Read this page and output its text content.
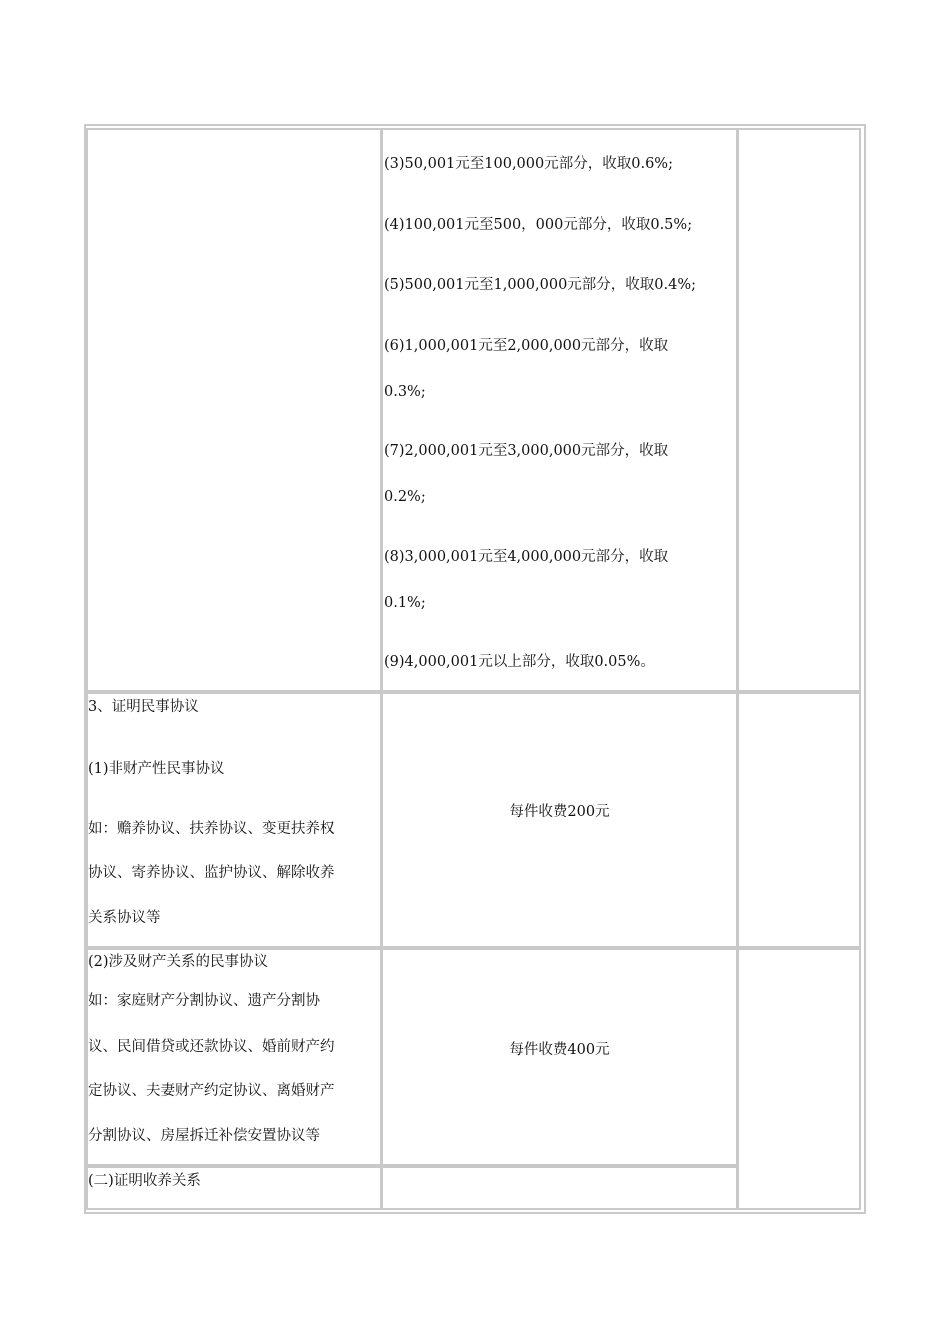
(3)50,001元至100,000元部分，收取0.6%;
(4)100,001元至500，000元部分，收取0.5%;
(5)500,001元至1,000,000元部分，收取0.4%;
(6)1,000,001元至2,000,000元部分，收取
0.3%;
(7)2,000,001元至3,000,000元部分，收取
0.2%;
(8)3,000,001元至4,000,000元部分，收取
0.1%;
(9)4,000,001元以上部分，收取0.05%。
3、证明民事协议
(1)非财产性民事协议
如：赡养协议、扶养协议、变更扶养权
协议、寄养协议、监护协议、解除收养
关系协议等
每件收费200元
(2)涉及财产关系的民事协议
如：家庭财产分割协议、遗产分割协
议、民间借贷或还款协议、婚前财产约
定协议、夫妻财产约定协议、离婚财产
分割协议、房屋拆迁补偿安置协议等
每件收费400元
(二)证明收养关系
